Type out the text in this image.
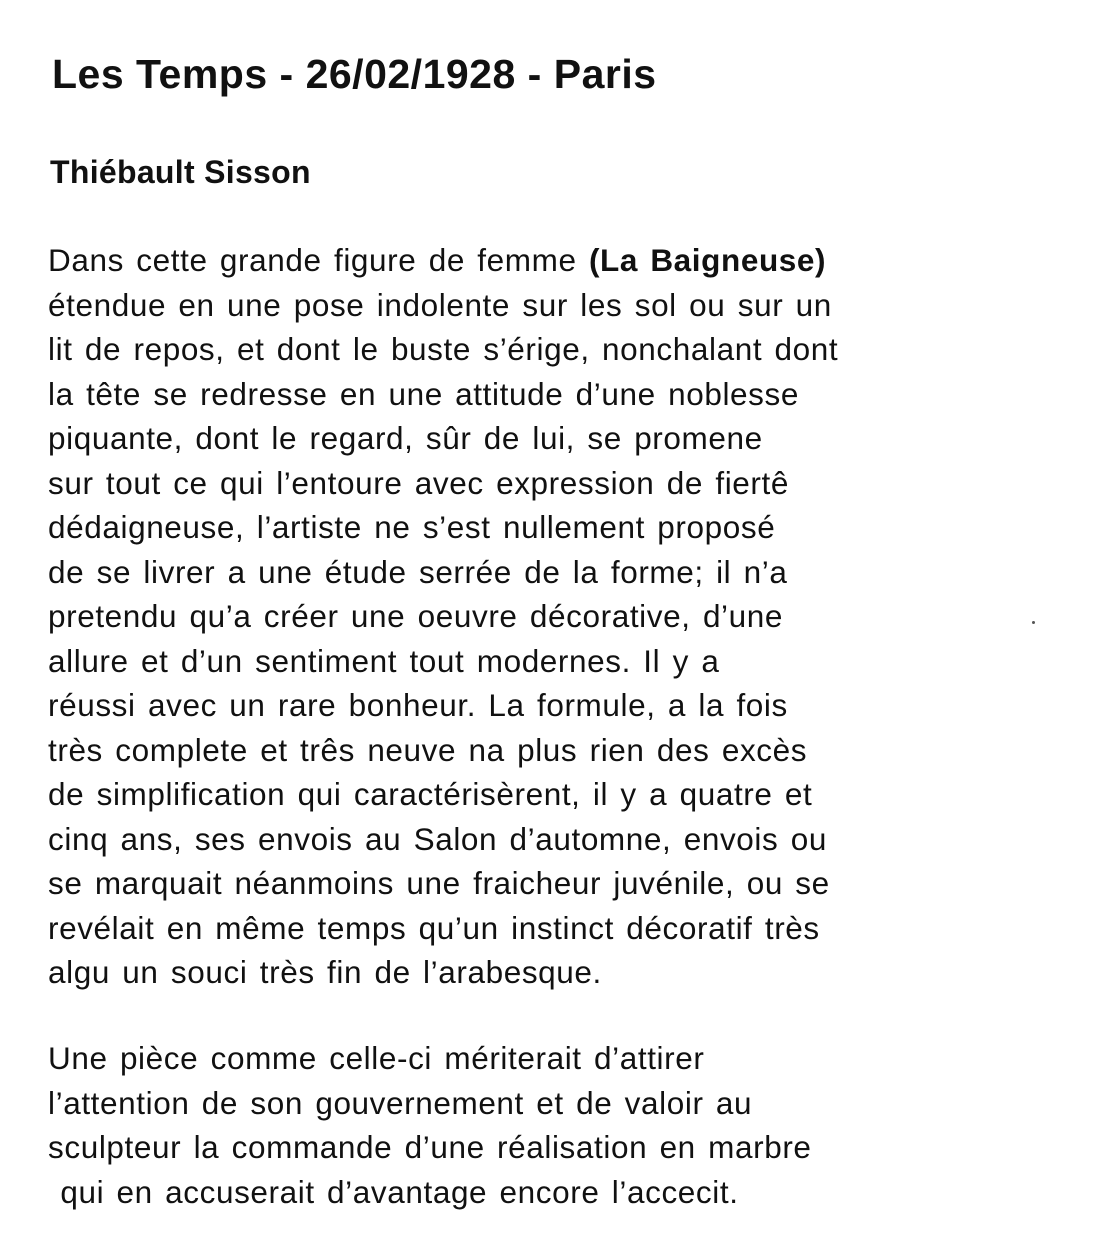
Les Temps - 26/02/1928 - Paris
Thiébault Sisson
Dans cette grande figure de femme (La Baigneuse)
étendue en une pose indolente sur les sol ou sur un
lit de repos, et dont le buste s’érige, nonchalant dont
la tête se redresse en une attitude d’une noblesse
piquante, dont le regard, sûr de lui, se promene
sur tout ce qui l’entoure avec expression de fiertê
dédaigneuse, l’artiste ne s’est nullement proposé
de se livrer a une étude serrée de la forme; il n’a
pretendu qu’a créer une oeuvre décorative, d’une
allure et d’un sentiment tout modernes. Il y a
réussi avec un rare bonheur. La formule, a la fois
très complete et três neuve na plus rien des excès
de simplification qui caractérisèrent, il y a quatre et
cinq ans, ses envois au Salon d’automne, envois ou
se marquait néanmoins une fraicheur juvénile, ou se
revélait en même temps qu’un instinct décoratif très
algu un souci très fin de l’arabesque.
Une pièce comme celle-ci mériterait d’attirer
l’attention de son gouvernement et de valoir au
sculpteur la commande d’une réalisation en marbre
qui en accuserait d’avantage encore l’accecit.
